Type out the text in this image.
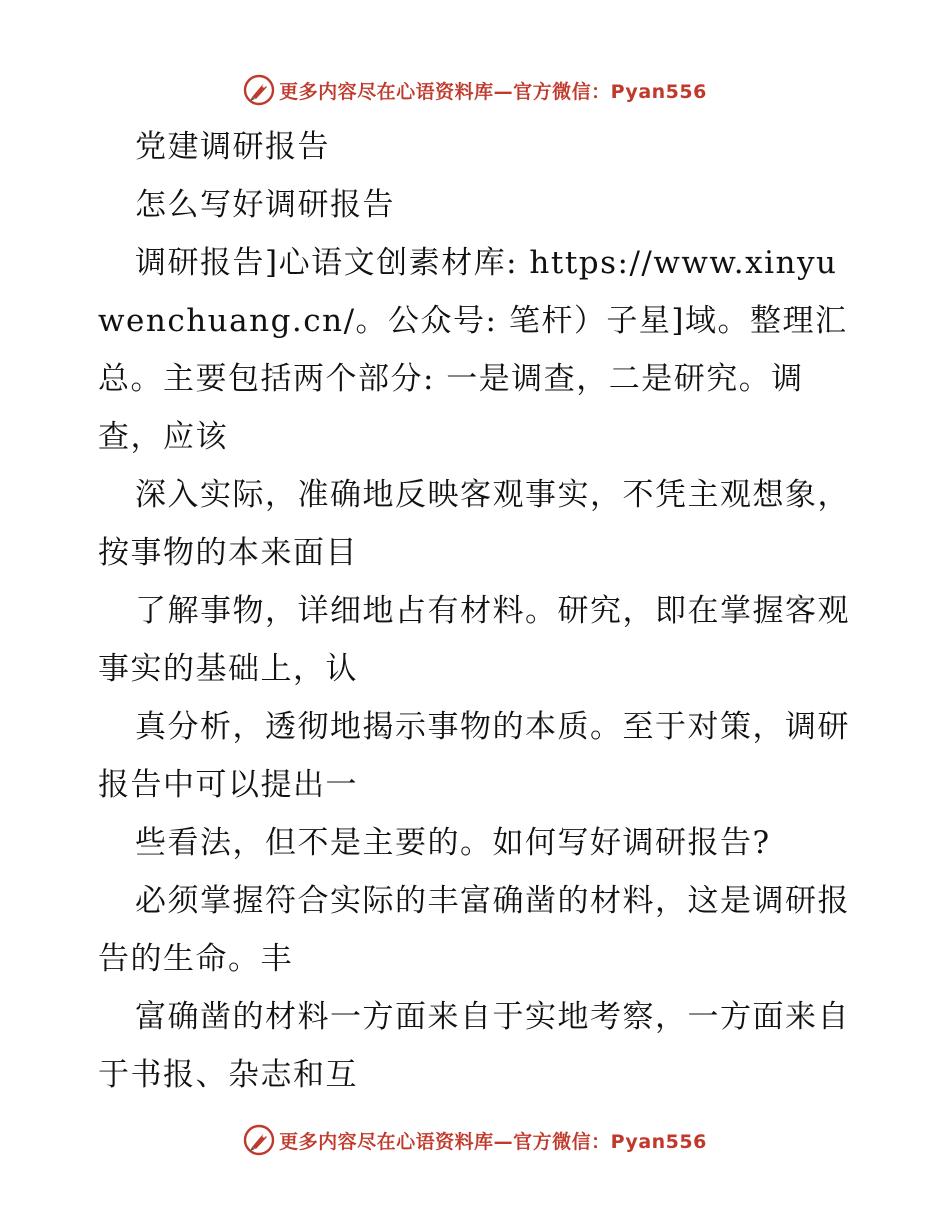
更多内容尽在心语资料库—官方微信：Pyan556

党建调研报告

怎么写好调研报告

调研报告]心语文创素材库: https://www.xinyuwenchuang.cn/。公众号: 笔杆）子星]域。整理汇总。主要包括两个部分: 一是调查，二是研究。调查，应该

深入实际，准确地反映客观事实，不凭主观想象，按事物的本来面目

了解事物，详细地占有材料。研究，即在掌握客观事实的基础上，认

真分析，透彻地揭示事物的本质。至于对策，调研报告中可以提出一

些看法，但不是主要的。如何写好调研报告?

必须掌握符合实际的丰富确凿的材料，这是调研报告的生命。丰

富确凿的材料一方面来自于实地考察，一方面来自于书报、杂志和互

更多内容尽在心语资料库—官方微信：Pyan556
